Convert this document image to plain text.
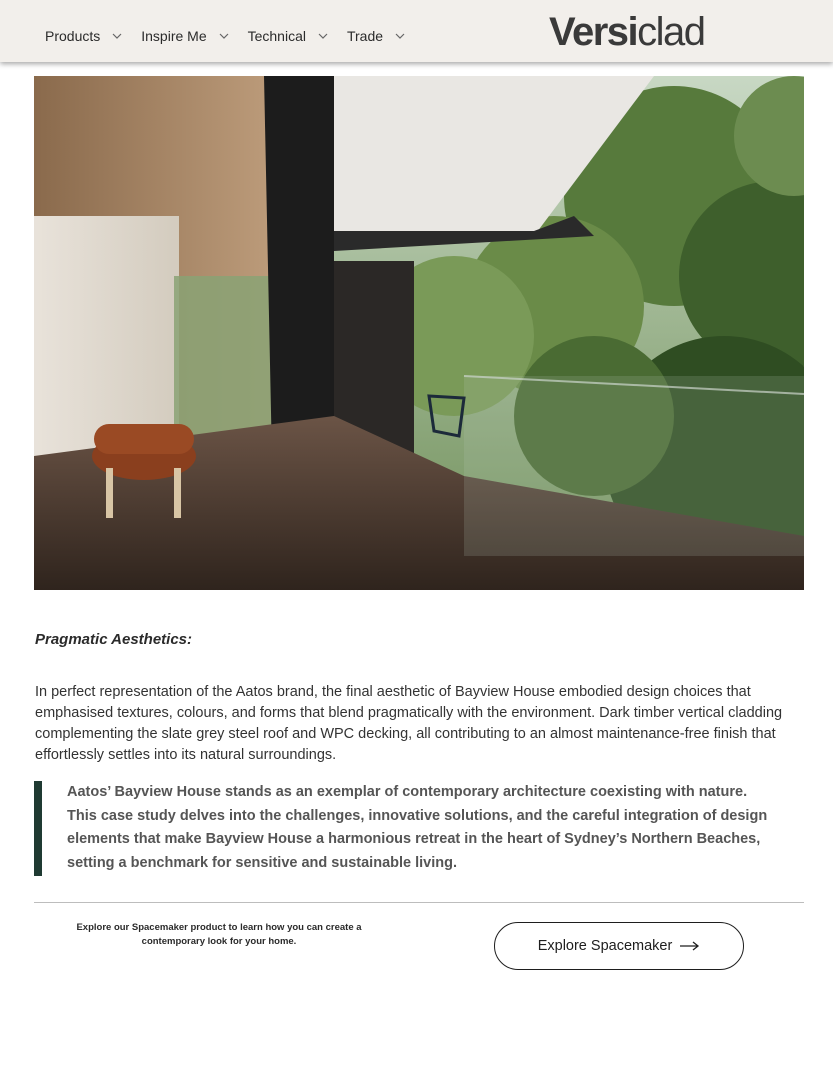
Products	Inspire Me	Technical	Trade	Versiclad
Pragmatic Aesthetics:
In perfect representation of the Aatos brand, the final aesthetic of Bayview House embodied design choices that emphasised textures, colours, and forms that blend pragmatically with the environment. Dark timber vertical cladding complementing the slate grey steel roof and WPC decking, all contributing to an almost maintenance-free finish that effortlessly settles into its natural surroundings.

Aatos’ Bayview House stands as an exemplar of contemporary architecture coexisting with nature. This case study delves into the challenges, innovative solutions, and the careful integration of design elements that make Bayview House a harmonious retreat in the heart of Sydney’s Northern Beaches, setting a benchmark for sensitive and sustainable living.

Explore our Spacemaker product to learn how you can create a contemporary look for your home.	Explore Spacemaker
